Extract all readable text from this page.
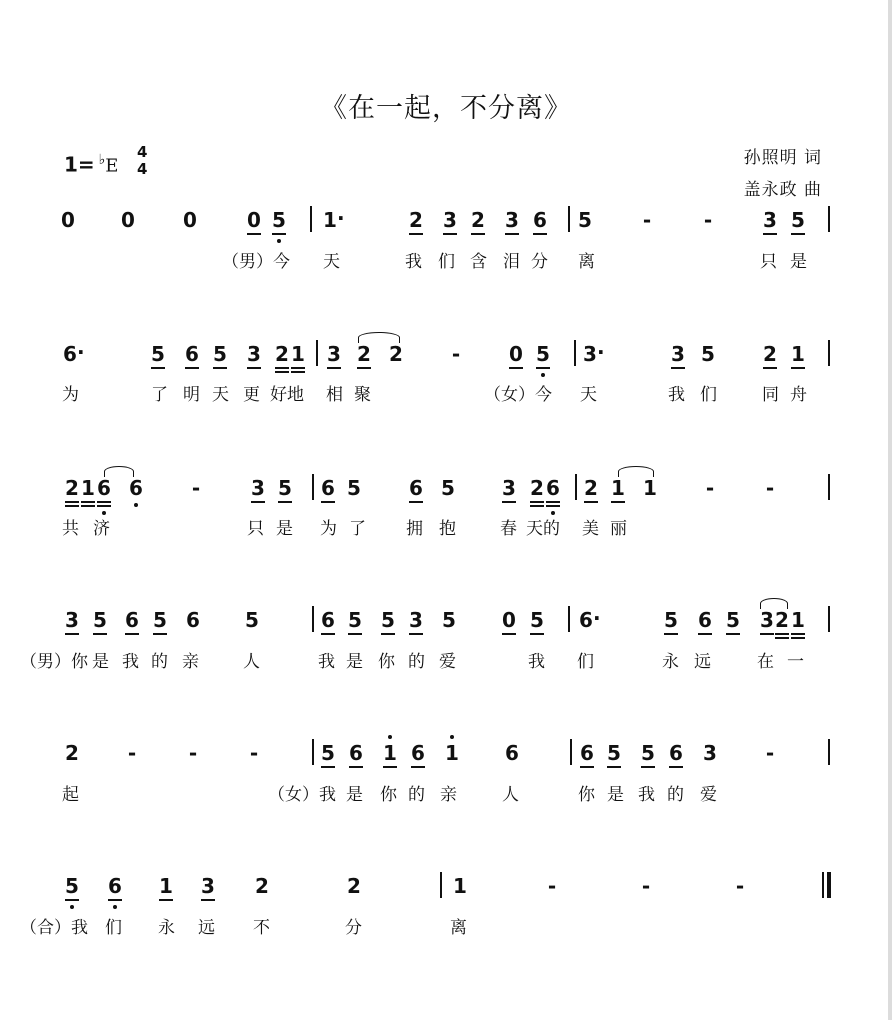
《在一起，不分离》
1= ♭E
4
4
孙照明 词
盖永政 曲
0 0 0	0 5 1 ·	2 3 2 3 6 5	-	-	3 5
（男）今 天	我 们 含 泪 分 离	只 是
6 ·	5 6 5 3 2 1 3 2 2 - 0 5 3 ·	3 5 2 1
为	了 明 天 更 好地 相 聚	（女）今 天	我 们	同 舟
2 1 6 6 -	3 5 6 5 6 5 3 2 6 2 1 1 -	-
共 济	只 是 为 了 拥 抱	春 天的 美 丽
3 5 6 5 6 5	6 5 5 3 5 0 5 6 ·	5 6 5 3 2 1
（男）你 是 我 的 亲	人	我 是 你 的 爱	我 们	永 远	在 一
2 -	-	-	5 6 1 6 1 6	6 5 5 6 3 -
起	（女）我 是 你 的 亲	人	你 是 我 的 爱
5 6 1 3 2	2	1	-	-	-
（合）我 们 永 远 不	分	离
